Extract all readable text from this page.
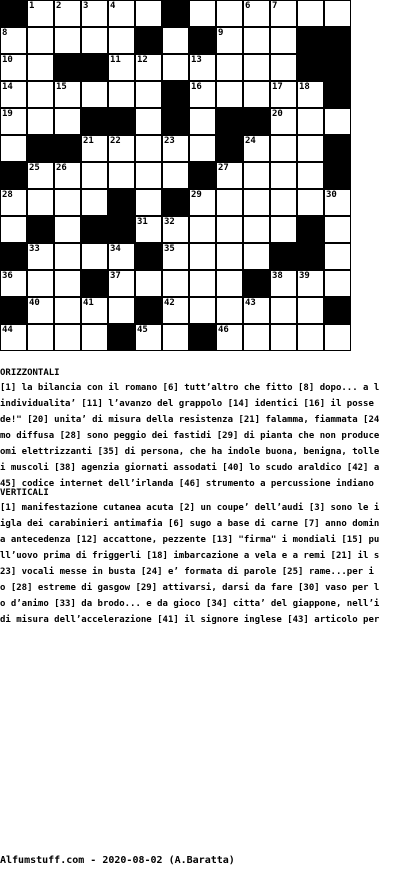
1 2 3 4	6 7
8	9
10	11 12	13
14	15	16	17 18
19	20
21 22	23	24
25 26	27
28	29	30
31 32
33	34	35
36	37	38 39
40	41	42	43
44	45	46
ORIZZONTALI
[1] la bilancia con il romano [6] tutt’altro che fitto [8] dopo... a l
individualita’ [11] l’avanzo del grappolo [14] identici [16] il posse
de!" [20] unita’ di misura della resistenza [21] falamma, fiammata [24
mo diffusa [28] sono peggio dei fastidi [29] di pianta che non produce
omi elettrizzanti [35] di persona, che ha indole buona, benigna, tolle
i muscoli [38] agenzia giornati assodati [40] lo scudo araldico [42] a
45] codice internet dell’irlanda [46] strumento a percussione indiano
VERTICALI
[1] manifestazione cutanea acuta [2] un coupe’ dell’audi [3] sono le i
igla dei carabinieri antimafia [6] sugo a base di carne [7] anno domin
a antecedenza [12] accattone, pezzente [13] "firma" i mondiali [15] pu
ll’uovo prima di friggerli [18] imbarcazione a vela e a remi [21] il s
23] vocali messe in busta [24] e’ formata di parole [25] rame...per i
o [28] estreme di gasgow [29] attivarsi, darsi da fare [30] vaso per l
o d’animo [33] da brodo... e da gioco [34] citta’ del giappone, nell’i
di misura dell’accelerazione [41] il signore inglese [43] articolo per
Alfumstuff.com - 2020-08-02 (A.Baratta)
